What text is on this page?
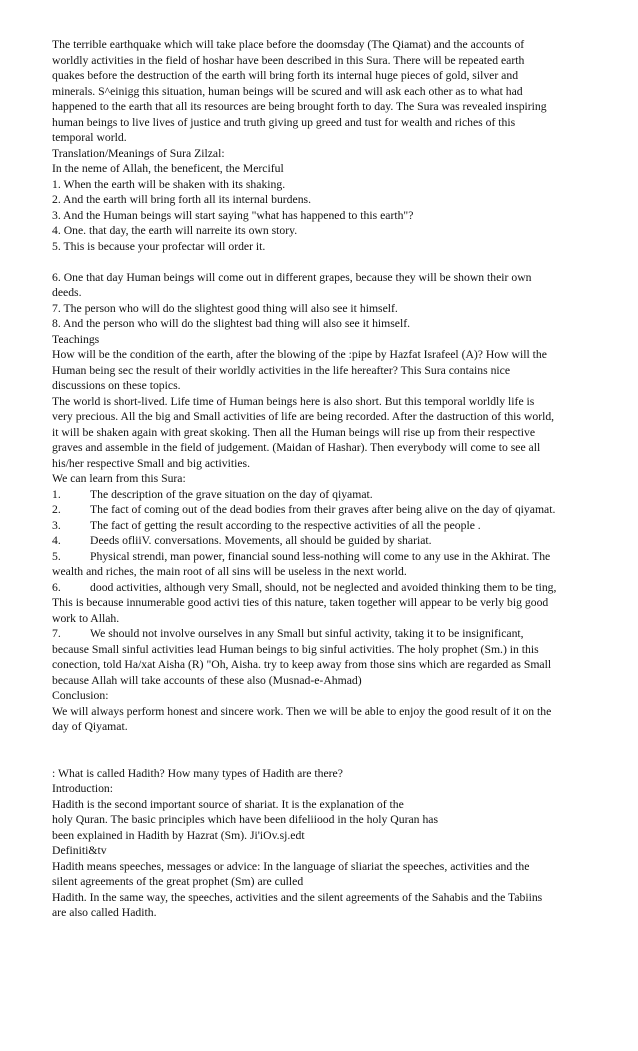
The terrible earthquake which will take place before the doomsday (The Qiamat) and the accounts of
worldly activities in the field of hoshar have been described in this Sura. There will be repeated earth
quakes before the destruction of the earth will bring forth its internal huge pieces of gold, silver and
minerals. S^einigg this situation, human beings will be scured and will ask each other as to what had
happened to the earth that all its resources are being brought forth to day. The Sura was revealed inspiring
human beings to live lives of justice and truth giving up greed and tust for wealth and riches of this
temporal world.
Translation/Meanings of Sura Zilzal:
In the neme of Allah, the beneficent, the Merciful
1. When the earth will be shaken with its shaking.
2. And the earth will bring forth all its internal burdens.
3. And the Human beings will start saying "what has happened to this earth"?
4. One. that day, the earth will narreite its own story.
5. This is because your profectar will order it.
6. One that day Human beings will come out in different grapes, because they will be shown their own
deeds.
7. The person who will do the slightest good thing will also see it himself.
8. And the person who will do the slightest bad thing will also see it himself.
Teachings
How will be the condition of the earth, after the blowing of the :pipe by Hazfat Israfeel (A)? How will the
Human being sec the result of their worldly activities in the life hereafter? This Sura contains nice
discussions on these topics.
The world is short-lived. Life time of Human beings here is also short. But this temporal worldly life is
very precious. All the big and Small activities of life are being recorded. After the dastruction of this world,
it will be shaken again with great skoking. Then all the Human beings will rise up from their respective
graves and assemble in the field of judgement. (Maidan of Hashar). Then everybody will come to see all
his/her respective Small and big activities.
We can learn from this Sura:
1. The description of the grave situation on the day of qiyamat.
2. The fact of coming out of the dead bodies from their graves after being alive on the day of qiyamat.
3. The fact of getting the result according to the respective activities of all the people .
4. Deeds ofliiV. conversations. Movements, all should be guided by shariat.
5. Physical strendi, man power, financial sound less-nothing will come to any use in the Akhirat. The
wealth and riches, the main root of all sins will be useless in the next world.
6. dood activities, although very Small, should, not be neglected and avoided thinking them to be ting,
This is because innumerable good activi ties of this nature, taken together will appear to be verly big good
work to Allah.
7. We should not involve ourselves in any Small but sinful activity, taking it to be insignificant,
because Small sinful activities lead Human beings to big sinful activities. The holy prophet (Sm.) in this
conection, told Ha/xat Aisha (R) "Oh, Aisha. try to keep away from those sins which are regarded as Small
because Allah will take accounts of these also (Musnad-e-Ahmad)
Conclusion:
We will always perform honest and sincere work. Then we will be able to enjoy the good result of it on the
day of Qiyamat.
: What is called Hadith? How many types of Hadith are there?
Introduction:
Hadith is the second important source of shariat. It is the explanation of the
holy Quran. The basic principles which have been difeliiood in the holy Quran has
been explained in Hadith by Hazrat (Sm). Ji'iOv.sj.edt
Definiti&tv
Hadith means speeches, messages or advice: In the language of sliariat the speeches, activities and the
silent agreements of the great prophet (Sm) are culled
Hadith. In the same way, the speeches, activities and the silent agreements of the Sahabis and the Tabiins
are also called Hadith.
